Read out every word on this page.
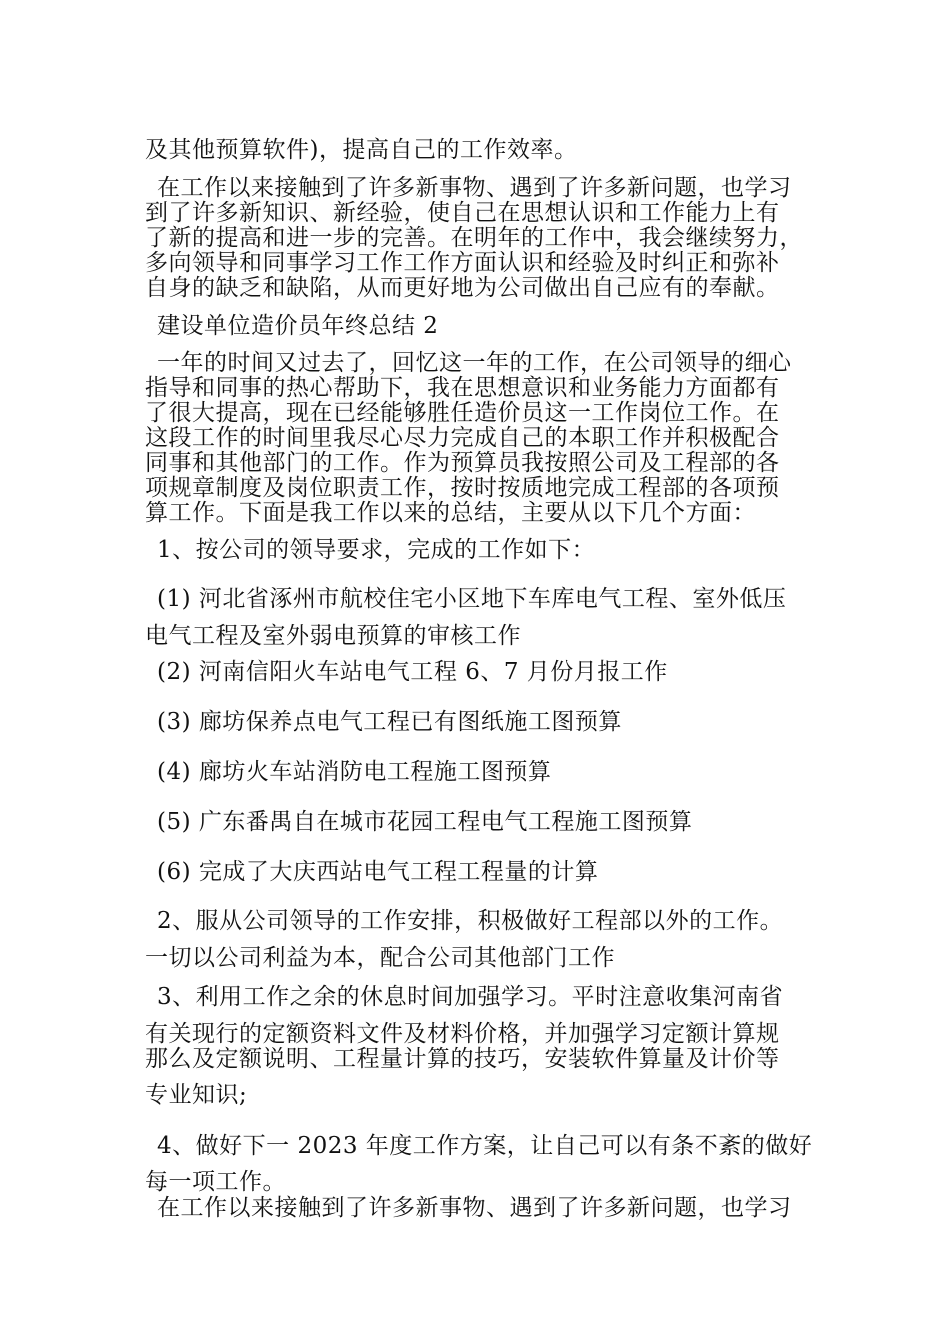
及其他预算软件)，提高自己的工作效率。
在工作以来接触到了许多新事物、遇到了许多新问题，也学习
到了许多新知识、新经验，使自己在思想认识和工作能力上有
了新的提高和进一步的完善。在明年的工作中，我会继续努力，
多向领导和同事学习工作工作方面认识和经验及时纠正和弥补
自身的缺乏和缺陷，从而更好地为公司做出自己应有的奉献。
建设单位造价员年终总结 2
一年的时间又过去了，回忆这一年的工作，在公司领导的细心
指导和同事的热心帮助下，我在思想意识和业务能力方面都有
了很大提高，现在已经能够胜任造价员这一工作岗位工作。在
这段工作的时间里我尽心尽力完成自己的本职工作并积极配合
同事和其他部门的工作。作为预算员我按照公司及工程部的各
项规章制度及岗位职责工作，按时按质地完成工程部的各项预
算工作。下面是我工作以来的总结，主要从以下几个方面：
1、按公司的领导要求，完成的工作如下：
(1) 河北省涿州市航校住宅小区地下车库电气工程、室外低压
电气工程及室外弱电预算的审核工作
(2) 河南信阳火车站电气工程 6、7 月份月报工作
(3) 廊坊保养点电气工程已有图纸施工图预算
(4) 廊坊火车站消防电工程施工图预算
(5) 广东番禺自在城市花园工程电气工程施工图预算
(6) 完成了大庆西站电气工程工程量的计算
2、服从公司领导的工作安排，积极做好工程部以外的工作。
一切以公司利益为本，配合公司其他部门工作
3、利用工作之余的休息时间加强学习。平时注意收集河南省
有关现行的定额资料文件及材料价格，并加强学习定额计算规
那么及定额说明、工程量计算的技巧，安装软件算量及计价等
专业知识;
4、做好下一 2023 年度工作方案，让自己可以有条不紊的做好
每一项工作。
在工作以来接触到了许多新事物、遇到了许多新问题，也学习
